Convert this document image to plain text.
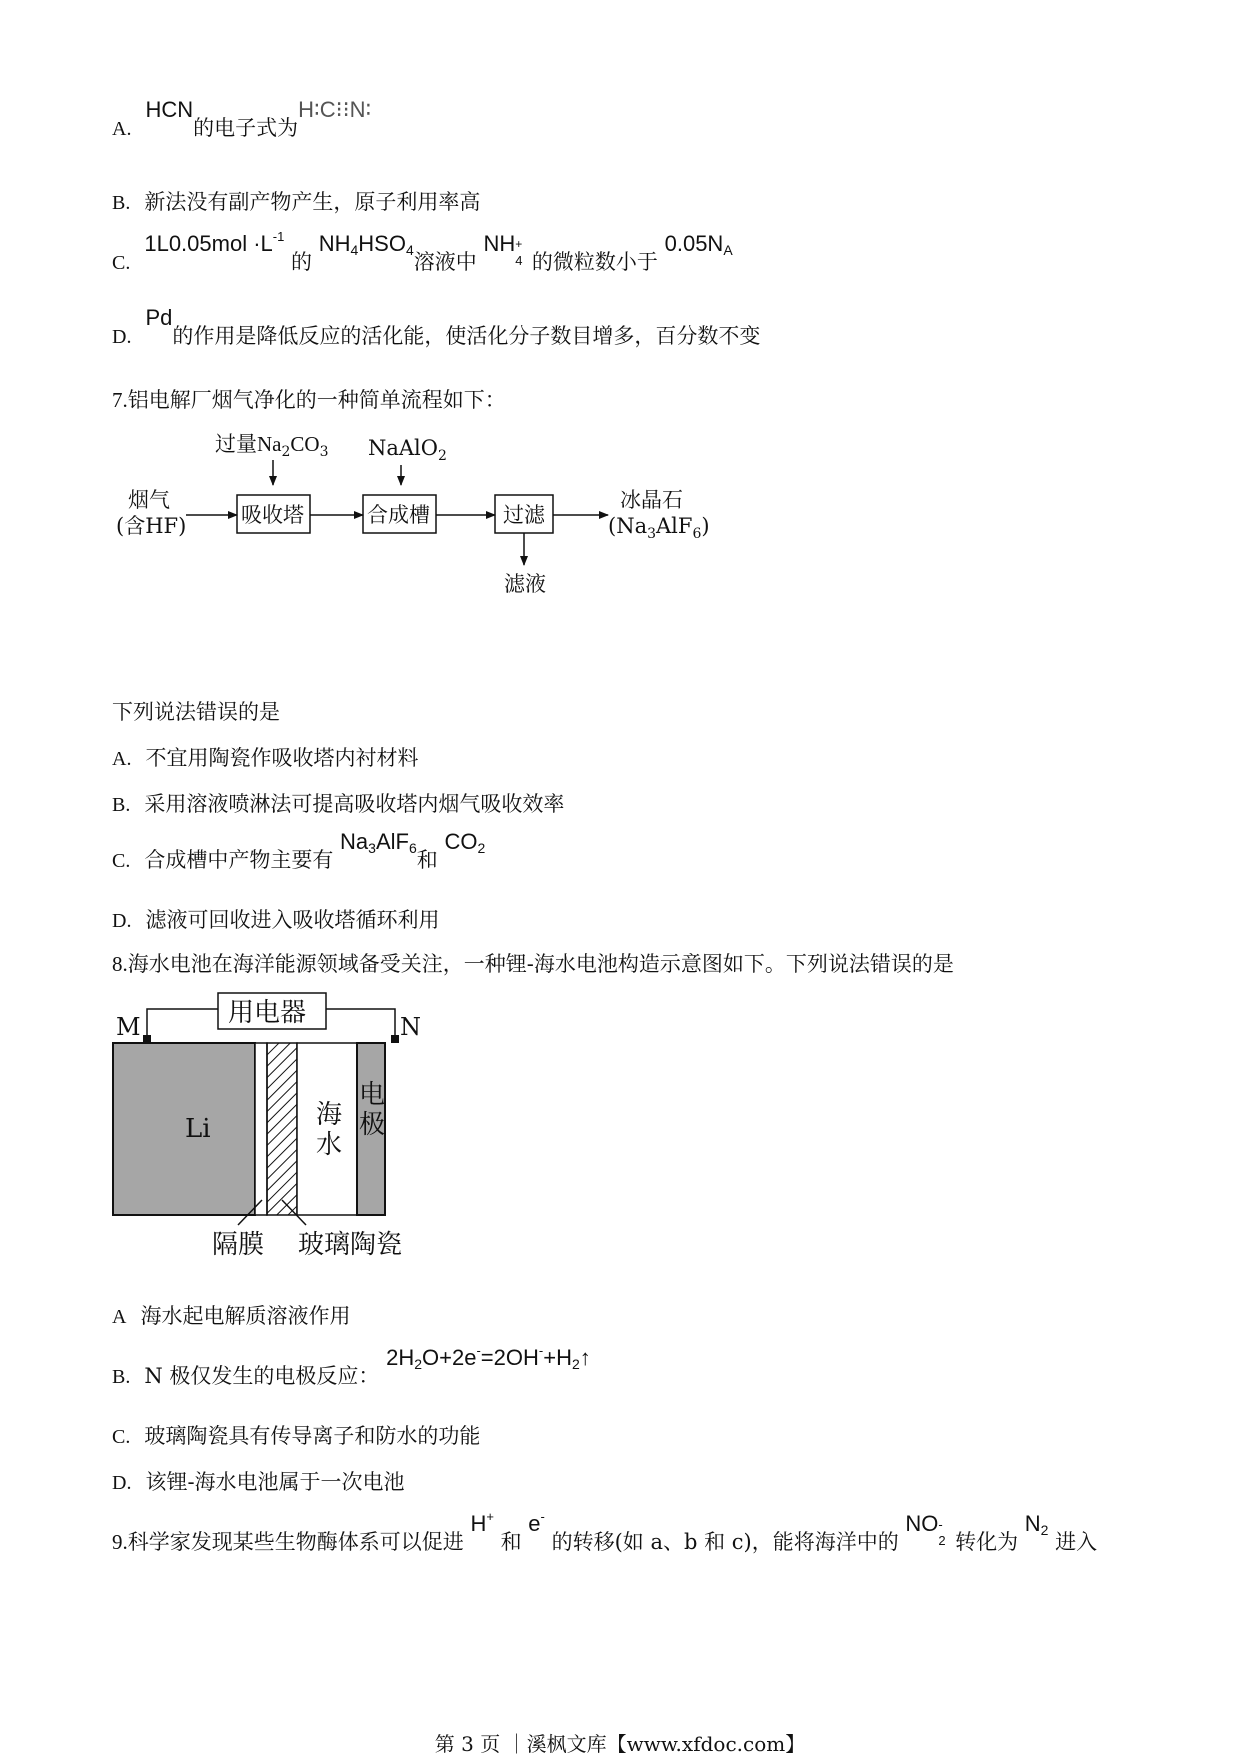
A.HCN的电子式为H∶C⁝⁝N∶
B. 新法没有副产物产生，原子利用率高
$C.1L0.05mol \cdot L^{-1}$ 的 $NH_4HSO_4$溶液中 NH +
4 的微粒数小于 $0.05N_A$
D.Pd的作用是降低反应的活化能，使活化分子数目增多，百分数不变
7.铝电解厂烟气净化的一种简单流程如下：
过量$Na_2CO_3$ NaAlO$_2$
烟气
(含HF)	吸收塔	合成槽	过滤
滤液
冰晶石
$(Na_3AlF_6)$
下列说法错误的是
A. 不宜用陶瓷作吸收塔内衬材料
B. 采用溶液喷淋法可提高吸收塔内烟气吸收效率
C. 合成槽中产物主要有 $Na_3AlF_6$和 $CO_2$
D. 滤液可回收进入吸收塔循环利用
8.海水电池在海洋能源领域备受关注，一种锂-海水电池构造示意图如下。下列说法错误的是
用电器
M	N
Li	海
水
电
极
隔膜 玻璃陶瓷
A 海水起电解质溶液作用
B. N 极仅发生的电极反应： $2H_2O+2e^-=2OH^-+H_2↑$
C. 玻璃陶瓷具有传导离子和防水的功能
D. 该锂-海水电池属于一次电池
9.科学家发现某些生物酶体系可以促进 H+ 和 e- 的转移(如 a、b 和 c)，能将海洋中的 NO -
2 转化为 $N_2$ 进入
第 3 页 ｜溪枫文库【www.xfdoc.com】
